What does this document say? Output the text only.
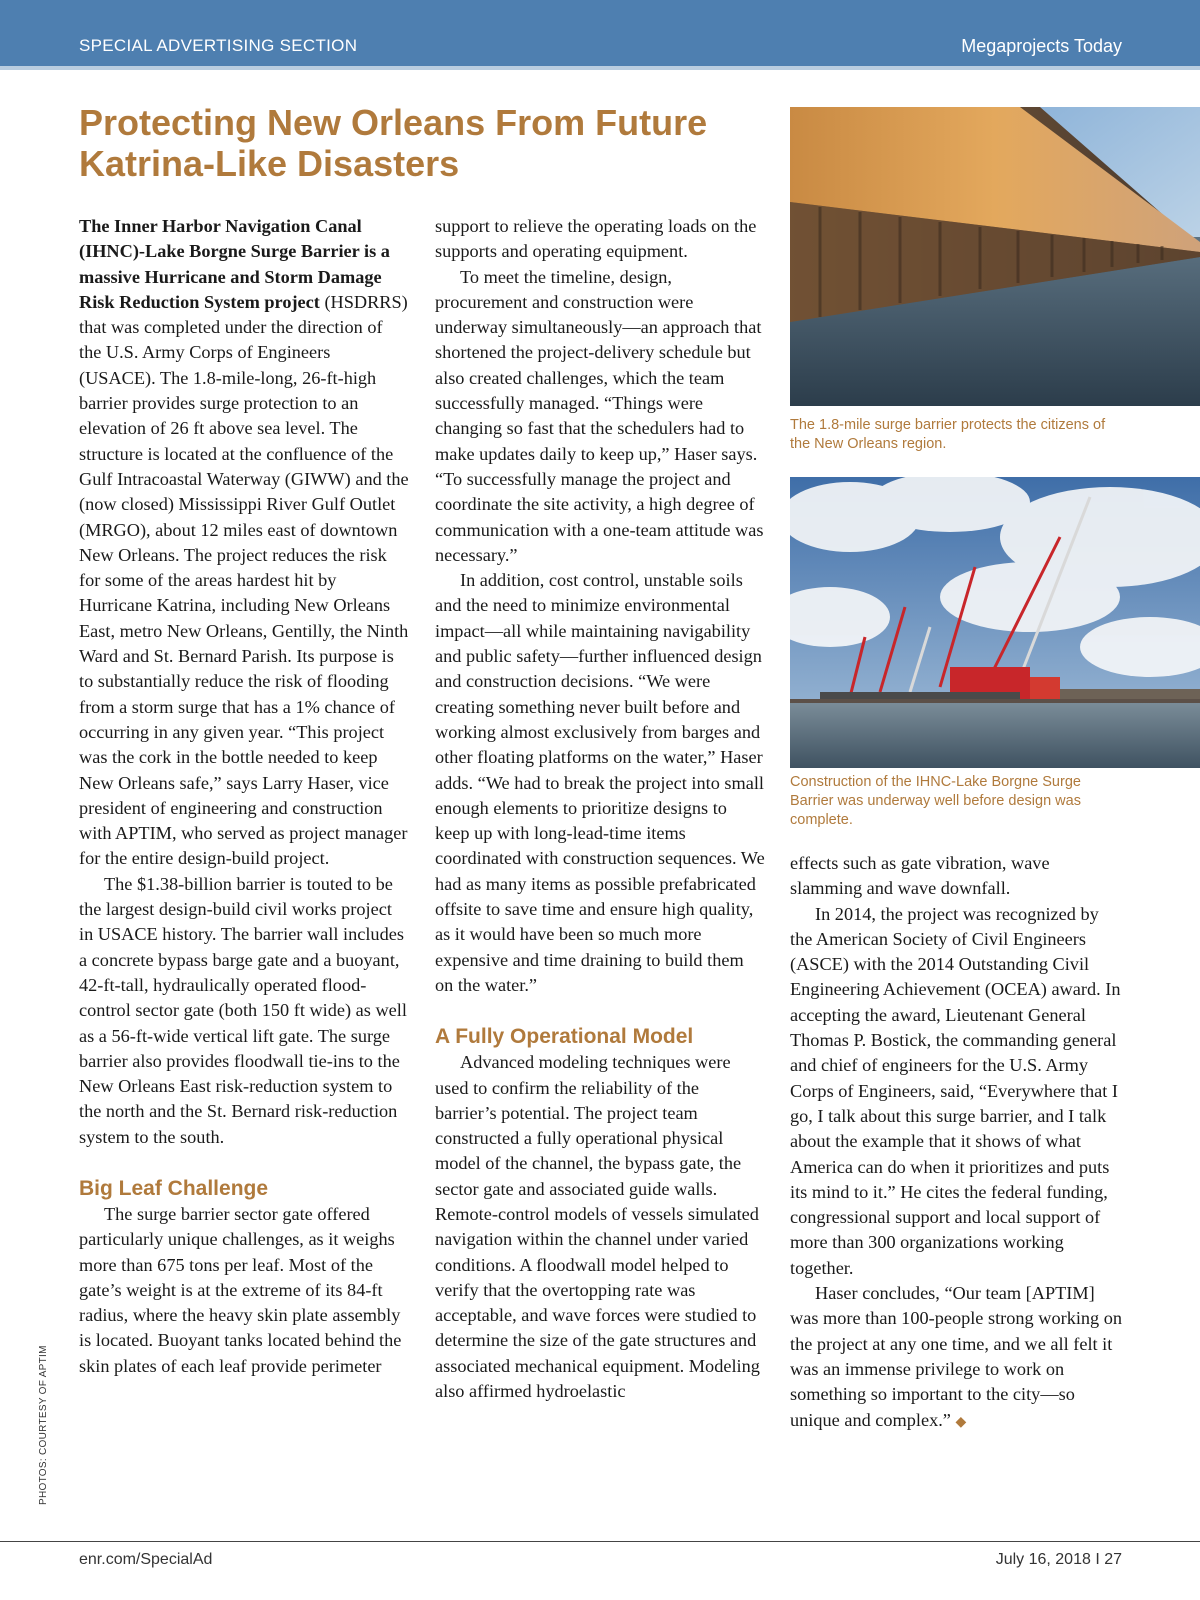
SPECIAL ADVERTISING SECTION	Megaprojects Today
Protecting New Orleans From Future Katrina-Like Disasters

The Inner Harbor Navigation Canal (IHNC)-Lake Borgne Surge Barrier is a massive Hurricane and Storm Damage Risk Reduction System project (HSDRRS) that was completed under the direction of the U.S. Army Corps of Engineers (USACE). The 1.8-mile-long, 26-ft-high barrier provides surge protection to an elevation of 26 ft above sea level. The structure is located at the confluence of the Gulf Intracoastal Waterway (GIWW) and the (now closed) Mississippi River Gulf Outlet (MRGO), about 12 miles east of downtown New Orleans. The project reduces the risk for some of the areas hardest hit by Hurricane Katrina, including New Orleans East, metro New Orleans, Gentilly, the Ninth Ward and St. Bernard Parish. Its purpose is to substantially reduce the risk of flooding from a storm surge that has a 1% chance of occurring in any given year. “This project was the cork in the bottle needed to keep New Orleans safe,” says Larry Haser, vice president of engineering and construction with APTIM, who served as project manager for the entire design-build project.

The $1.38-billion barrier is touted to be the largest design-build civil works project in USACE history. The barrier wall includes a concrete bypass barge gate and a buoyant, 42-ft-tall, hydraulically operated flood-control sector gate (both 150 ft wide) as well as a 56-ft-wide vertical lift gate. The surge barrier also provides floodwall tie-ins to the New Orleans East risk-reduction system to the north and the St. Bernard risk-reduction system to the south.

Big Leaf Challenge

The surge barrier sector gate offered particularly unique challenges, as it weighs more than 675 tons per leaf. Most of the gate’s weight is at the extreme of its 84-ft radius, where the heavy skin plate assembly is located. Buoyant tanks located behind the skin plates of each leaf provide perimeter

support to relieve the operating loads on the supports and operating equipment.

To meet the timeline, design, procurement and construction were underway simultaneously—an approach that shortened the project-delivery schedule but also created challenges, which the team successfully managed. “Things were changing so fast that the schedulers had to make updates daily to keep up,” Haser says. “To successfully manage the project and coordinate the site activity, a high degree of communication with a one-team attitude was necessary.”

In addition, cost control, unstable soils and the need to minimize environmental impact—all while maintaining navigability and public safety—further influenced design and construction decisions. “We were creating something never built before and working almost exclusively from barges and other floating platforms on the water,” Haser adds. “We had to break the project into small enough elements to prioritize designs to keep up with long-lead-time items coordinated with construction sequences. We had as many items as possible prefabricated offsite to save time and ensure high quality, as it would have been so much more expensive and time draining to build them on the water.”

A Fully Operational Model

Advanced modeling techniques were used to confirm the reliability of the barrier’s potential. The project team constructed a fully operational physical model of the channel, the bypass gate, the sector gate and associated guide walls. Remote-control models of vessels simulated navigation within the channel under varied conditions. A floodwall model helped to verify that the overtopping rate was acceptable, and wave forces were studied to determine the size of the gate structures and associated mechanical equipment. Modeling also affirmed hydroelastic

The 1.8-mile surge barrier protects the citizens of the New Orleans region.
Construction of the IHNC-Lake Borgne Surge Barrier was underway well before design was complete.

effects such as gate vibration, wave slamming and wave downfall.

In 2014, the project was recognized by the American Society of Civil Engineers (ASCE) with the 2014 Outstanding Civil Engineering Achievement (OCEA) award. In accepting the award, Lieutenant General Thomas P. Bostick, the commanding general and chief of engineers for the U.S. Army Corps of Engineers, said, “Everywhere that I go, I talk about this surge barrier, and I talk about the example that it shows of what America can do when it prioritizes and puts its mind to it.” He cites the federal funding, congressional support and local support of more than 300 organizations working together.

Haser concludes, “Our team [APTIM] was more than 100-people strong working on the project at any one time, and we all felt it was an immense privilege to work on something so important to the city—so unique and complex.” ◆

PHOTOS: COURTESY OF APTIM
enr.com/SpecialAd	July 16, 2018 I 27
